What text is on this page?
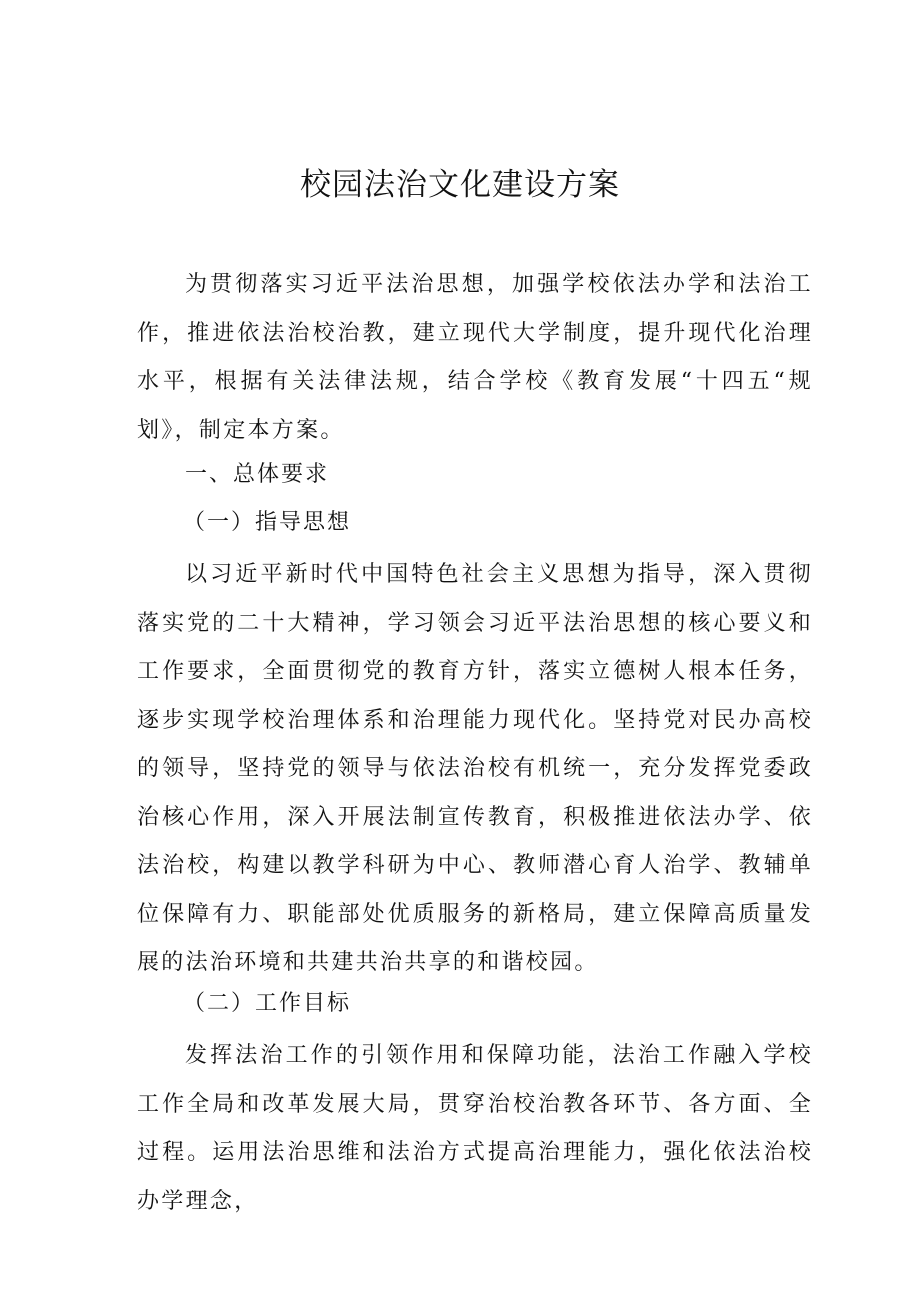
校园法治文化建设方案

为贯彻落实习近平法治思想，加强学校依法办学和法治工作，推进依法治校治教，建立现代大学制度，提升现代化治理水平，根据有关法律法规，结合学校《教育发展“十四五“规划》，制定本方案。

一、总体要求
（一）指导思想

以习近平新时代中国特色社会主义思想为指导，深入贯彻落实党的二十大精神，学习领会习近平法治思想的核心要义和工作要求，全面贯彻党的教育方针，落实立德树人根本任务，逐步实现学校治理体系和治理能力现代化。坚持党对民办高校的领导，坚持党的领导与依法治校有机统一，充分发挥党委政治核心作用，深入开展法制宣传教育，积极推进依法办学、依法治校，构建以教学科研为中心、教师潜心育人治学、教辅单位保障有力、职能部处优质服务的新格局，建立保障高质量发展的法治环境和共建共治共享的和谐校园。

（二）工作目标

发挥法治工作的引领作用和保障功能，法治工作融入学校工作全局和改革发展大局，贯穿治校治教各环节、各方面、全过程。运用法治思维和法治方式提高治理能力，强化依法治校办学理念，
